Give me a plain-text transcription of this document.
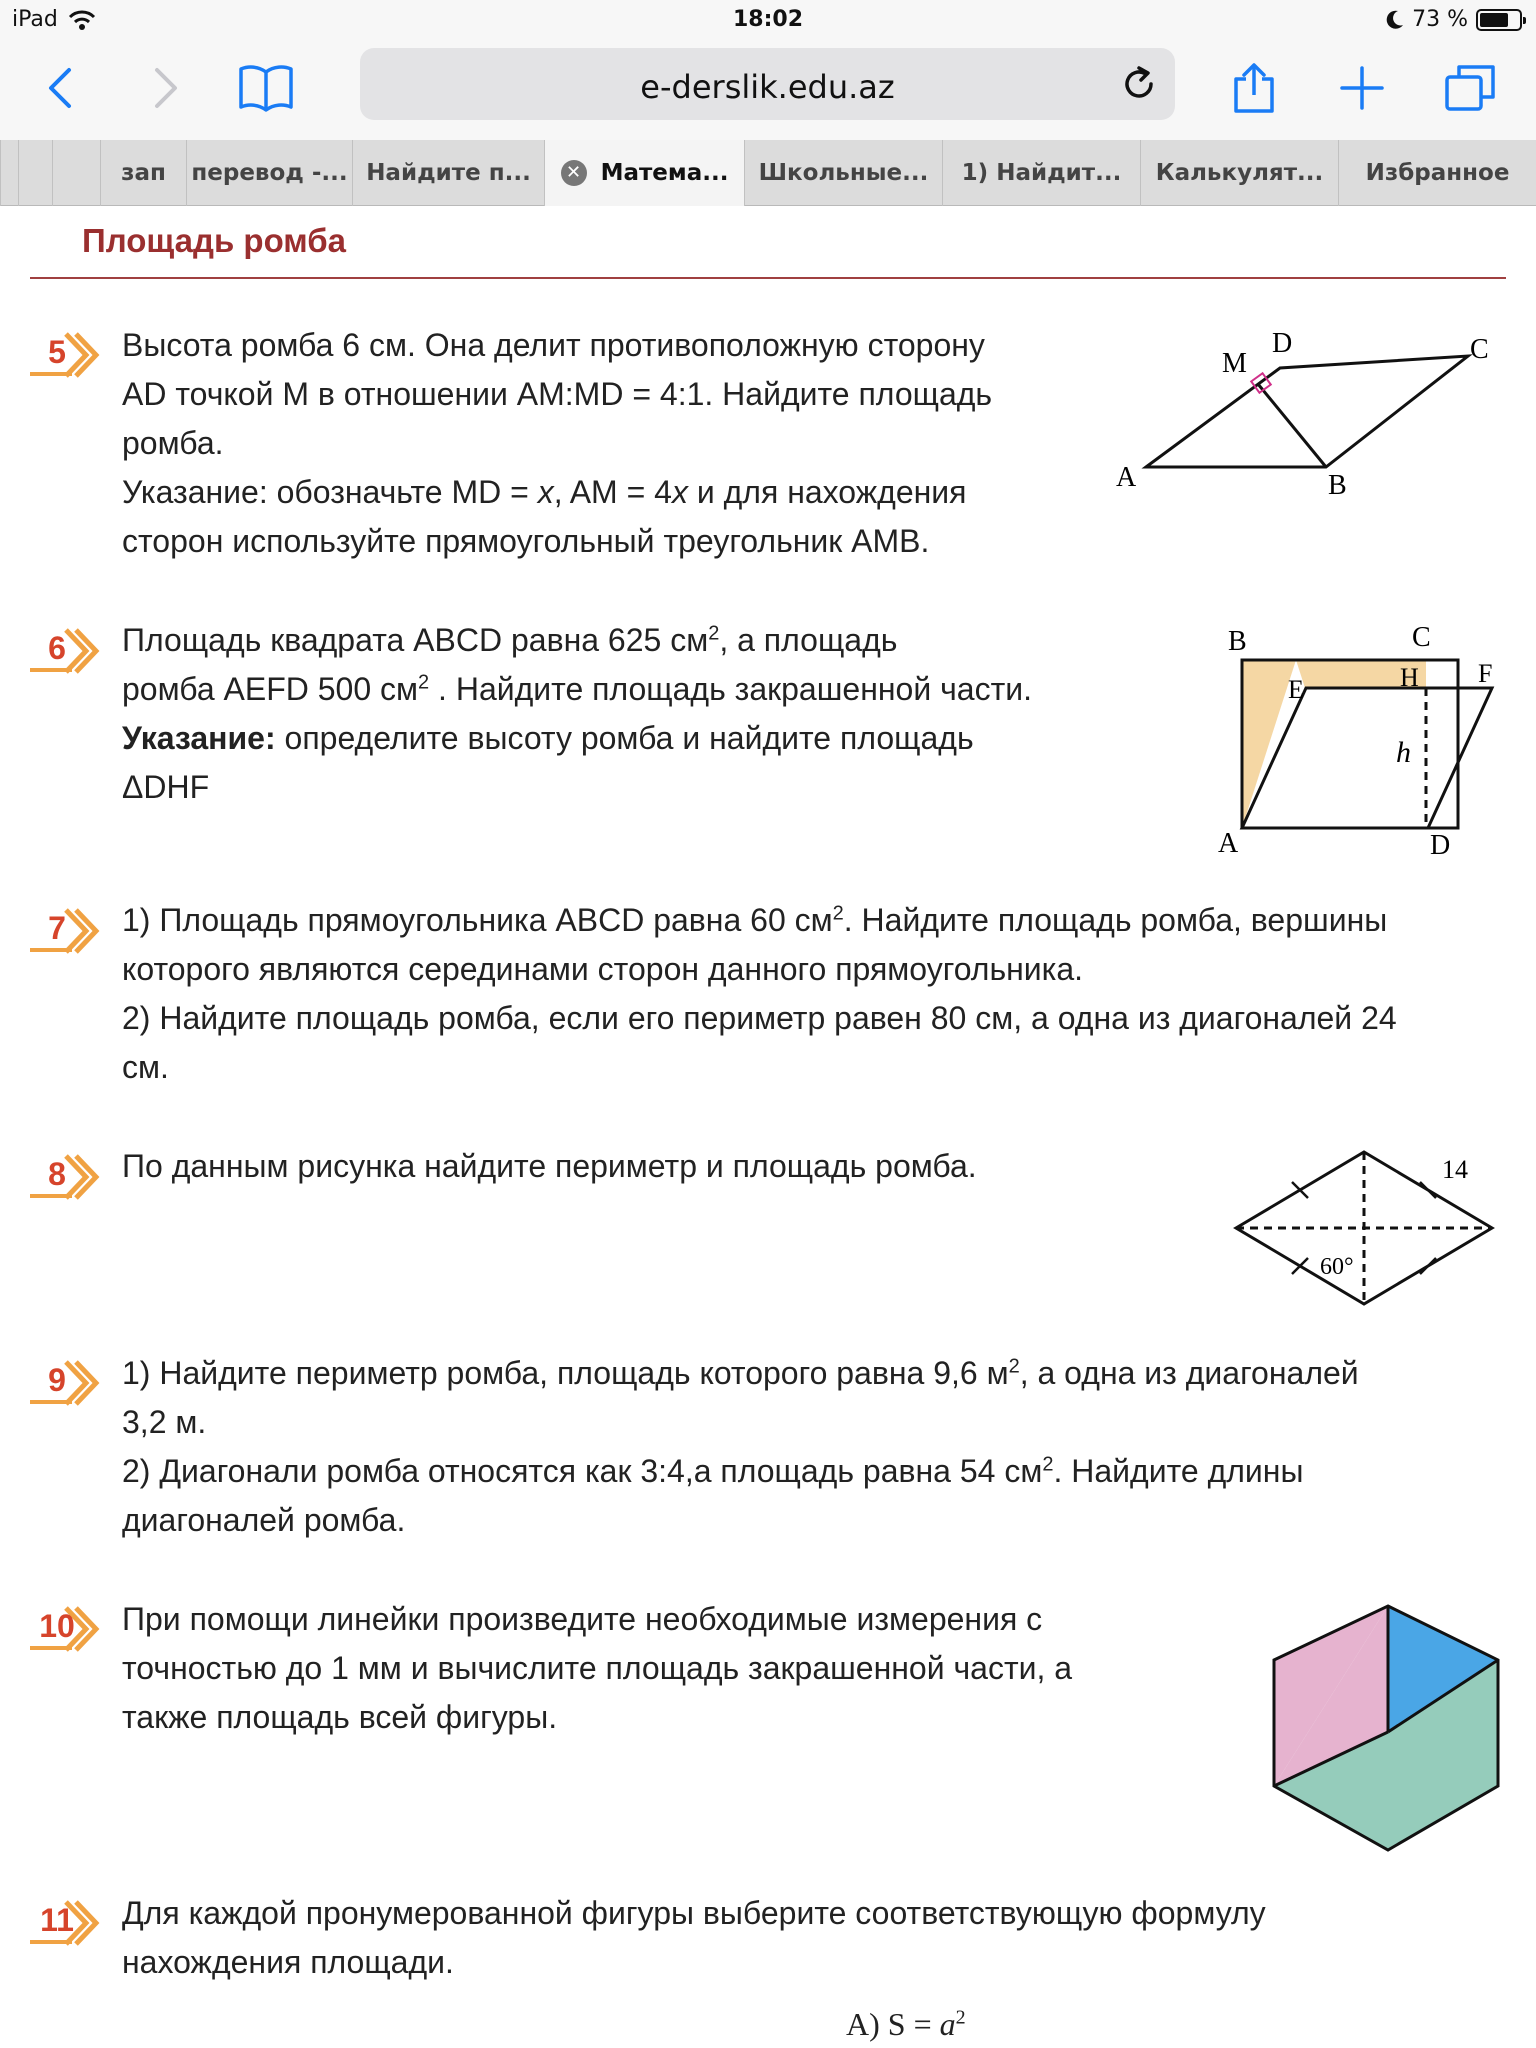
iPad	18:02	73 %
e-derslik.edu.az
зап перевод -... Найдите п...	✕ Матема... Школьные... 1) Найдит... Калькулят... Избранное
Площадь ромба
5	Высота ромба 6 см. Она делит противоположную сторону

AD точкой M в отношении AM:MD = 4:1. Найдите площадь

ромба.

Указание: обозначьте MD = x, AM = 4x и для нахождения

сторон используйте прямоугольный треугольник AMB.

A
M
D	C
B
6	Площадь квадрата ABCD равна 625 $см^2$, а площадь

ромба AEFD 500 $см^2$ . Найдите площадь закрашенной части.

Указание: определите высоту ромба и найдите площадь

ΔDHF

B	C
E	H F
h
A	D
7	1) Площадь прямоугольника ABCD равна 60 $см^2$. Найдите площадь ромба, вершины

которого являются серединами сторон данного прямоугольника.

2) Найдите площадь ромба, если его периметр равен 80 см, а одна из диагоналей 24

см.

8	По данным рисунка найдите периметр и площадь ромба.	14
60°
9	1) Найдите периметр ромба, площадь которого равна 9,6 $м^2$, а одна из диагоналей

3,2 м.

2) Диагонали ромба относятся как 3:4,а площадь равна 54 $см^2$. Найдите длины

диагоналей ромба.

10	При помощи линейки произведите необходимые измерения с

точностью до 1 мм и вычислите площадь закрашенной части, а

также площадь всей фигуры.

11	Для каждой пронумерованной фигуры выберите соответствующую формулу

нахождения площади.

A) $S = a^2$
